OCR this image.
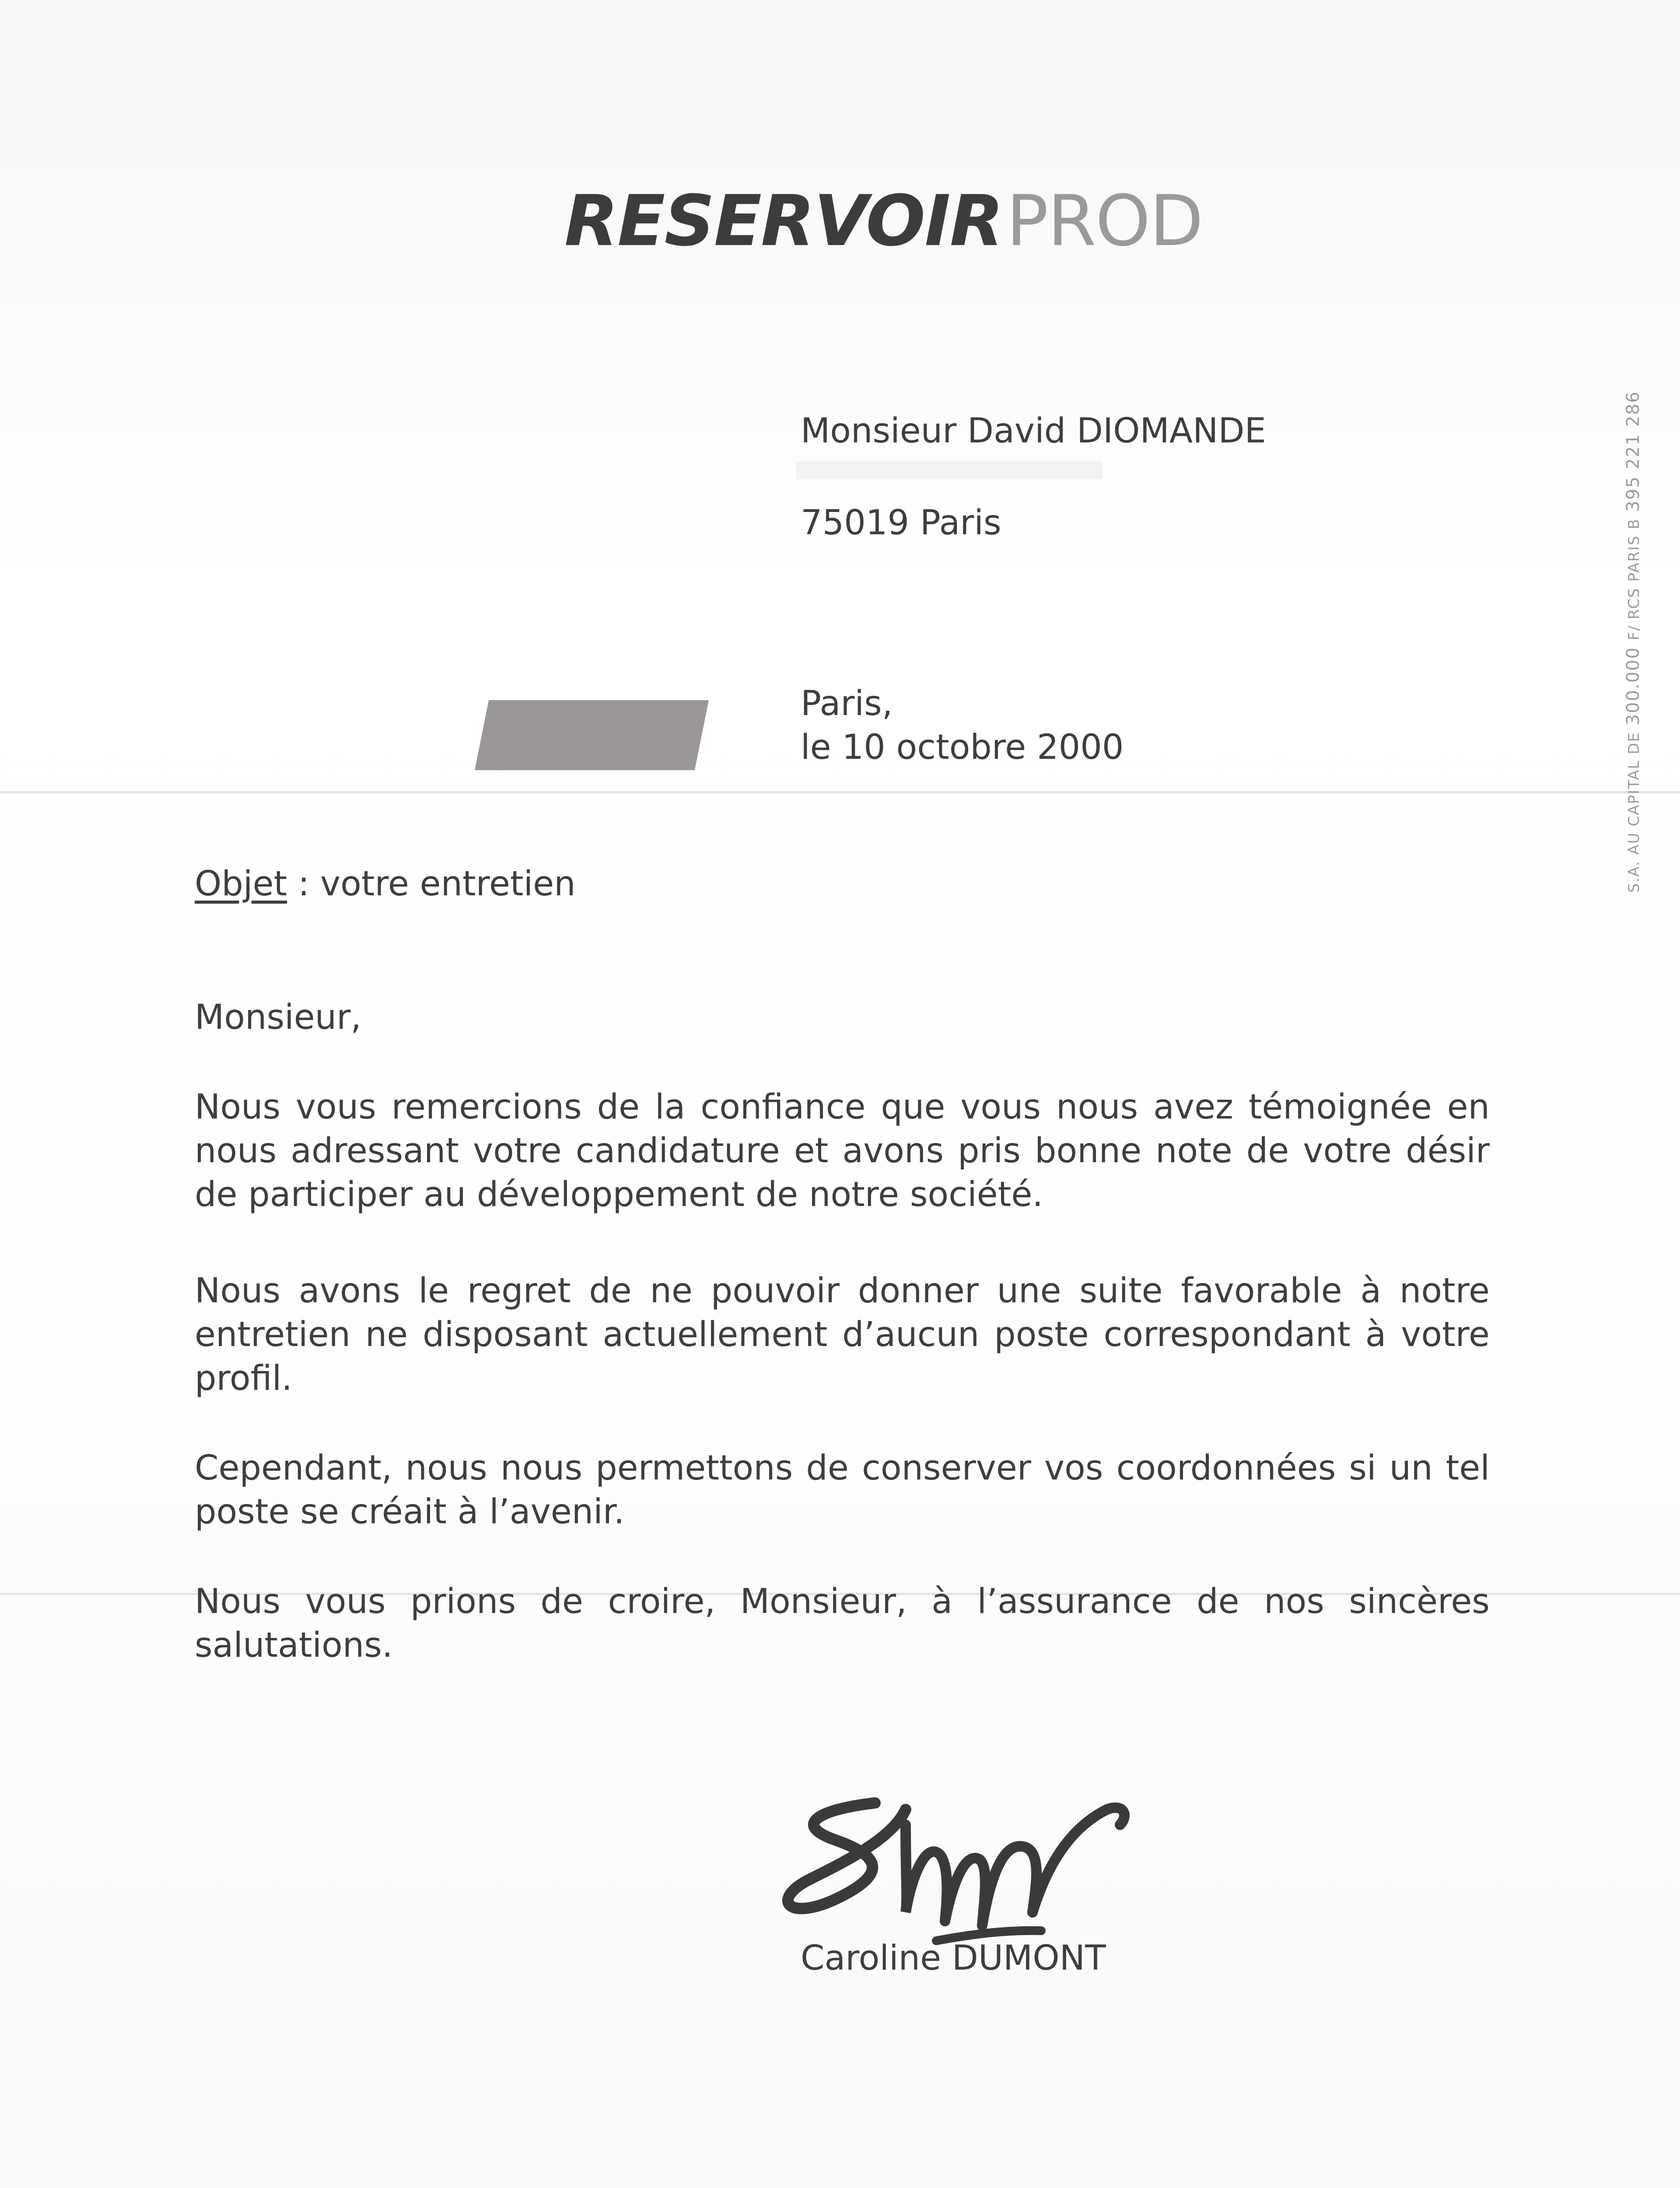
RESERVOIRPROD
Monsieur David DIOMANDE
75019 Paris
Paris,
le 10 octobre 2000
Objet : votre entretien
Monsieur,
Nous vous remercions de la confiance que vous nous avez témoignée en nous adressant votre candidature et avons pris bonne note de votre désir de participer au développement de notre société.
Nous avons le regret de ne pouvoir donner une suite favorable à notre entretien ne disposant actuellement d’aucun poste correspondant à votre profil.
Cependant, nous nous permettons de conserver vos coordonnées si un tel poste se créait à l’avenir.
Nous vous prions de croire, Monsieur, à l’assurance de nos sincères salutations.
Caroline DUMONT
S.A. AU CAPITAL DE 300.000 F/ RCS PARIS B 395 221 286
